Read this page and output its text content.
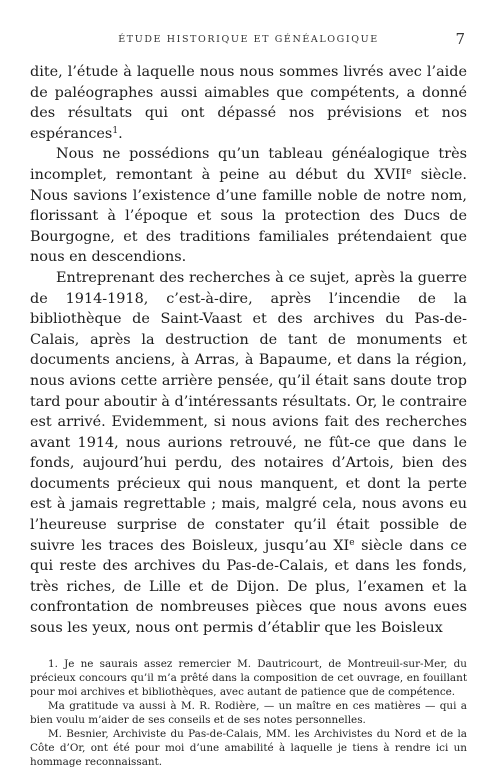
ÉTUDE HISTORIQUE ET GÉNÉALOGIQUE	7

dite, l’étude à laquelle nous nous sommes livrés avec l’aide de paléographes aussi aimables que compétents, a donné des résultats qui ont dépassé nos prévisions et nos espérances$^1$.

Nous ne possédions qu’un tableau généalogique très incomplet, remontant à peine au début du XVIIe siècle. Nous savions l’existence d’une famille noble de notre nom, florissant à l’époque et sous la protection des Ducs de Bourgogne, et des traditions familiales prétendaient que nous en descendions.

Entreprenant des recherches à ce sujet, après la guerre de 1914-1918, c’est-à-dire, après l’incendie de la bibliothèque de Saint-Vaast et des archives du Pas-de-Calais, après la destruction de tant de monuments et documents anciens, à Arras, à Bapaume, et dans la région, nous avions cette arrière pensée, qu’il était sans doute trop tard pour aboutir à d’intéressants résultats. Or, le contraire est arrivé. Evidemment, si nous avions fait des recherches avant 1914, nous aurions retrouvé, ne fût-ce que dans le fonds, aujourd’hui perdu, des notaires d’Artois, bien des documents précieux qui nous manquent, et dont la perte est à jamais regrettable ; mais, malgré cela, nous avons eu l’heureuse surprise de constater qu’il était possible de suivre les traces des Boisleux, jusqu’au XIe siècle dans ce qui reste des archives du Pas-de-Calais, et dans les fonds, très riches, de Lille et de Dijon. De plus, l’examen et la confrontation de nombreuses pièces que nous avons eues sous les yeux, nous ont permis d’établir que les Boisleux

1. Je ne saurais assez remercier M. Dautricourt, de Montreuil-sur-Mer, du précieux concours qu’il m’a prêté dans la composition de cet ouvrage, en fouillant pour moi archives et bibliothèques, avec autant de patience que de compétence.

Ma gratitude va aussi à M. R. Rodière, — un maître en ces matières — qui a bien voulu m’aider de ses conseils et de ses notes personnelles.

M. Besnier, Archiviste du Pas-de-Calais, MM. les Archivistes du Nord et de la Côte d’Or, ont été pour moi d’une amabilité à laquelle je tiens à rendre ici un hommage reconnaissant.
